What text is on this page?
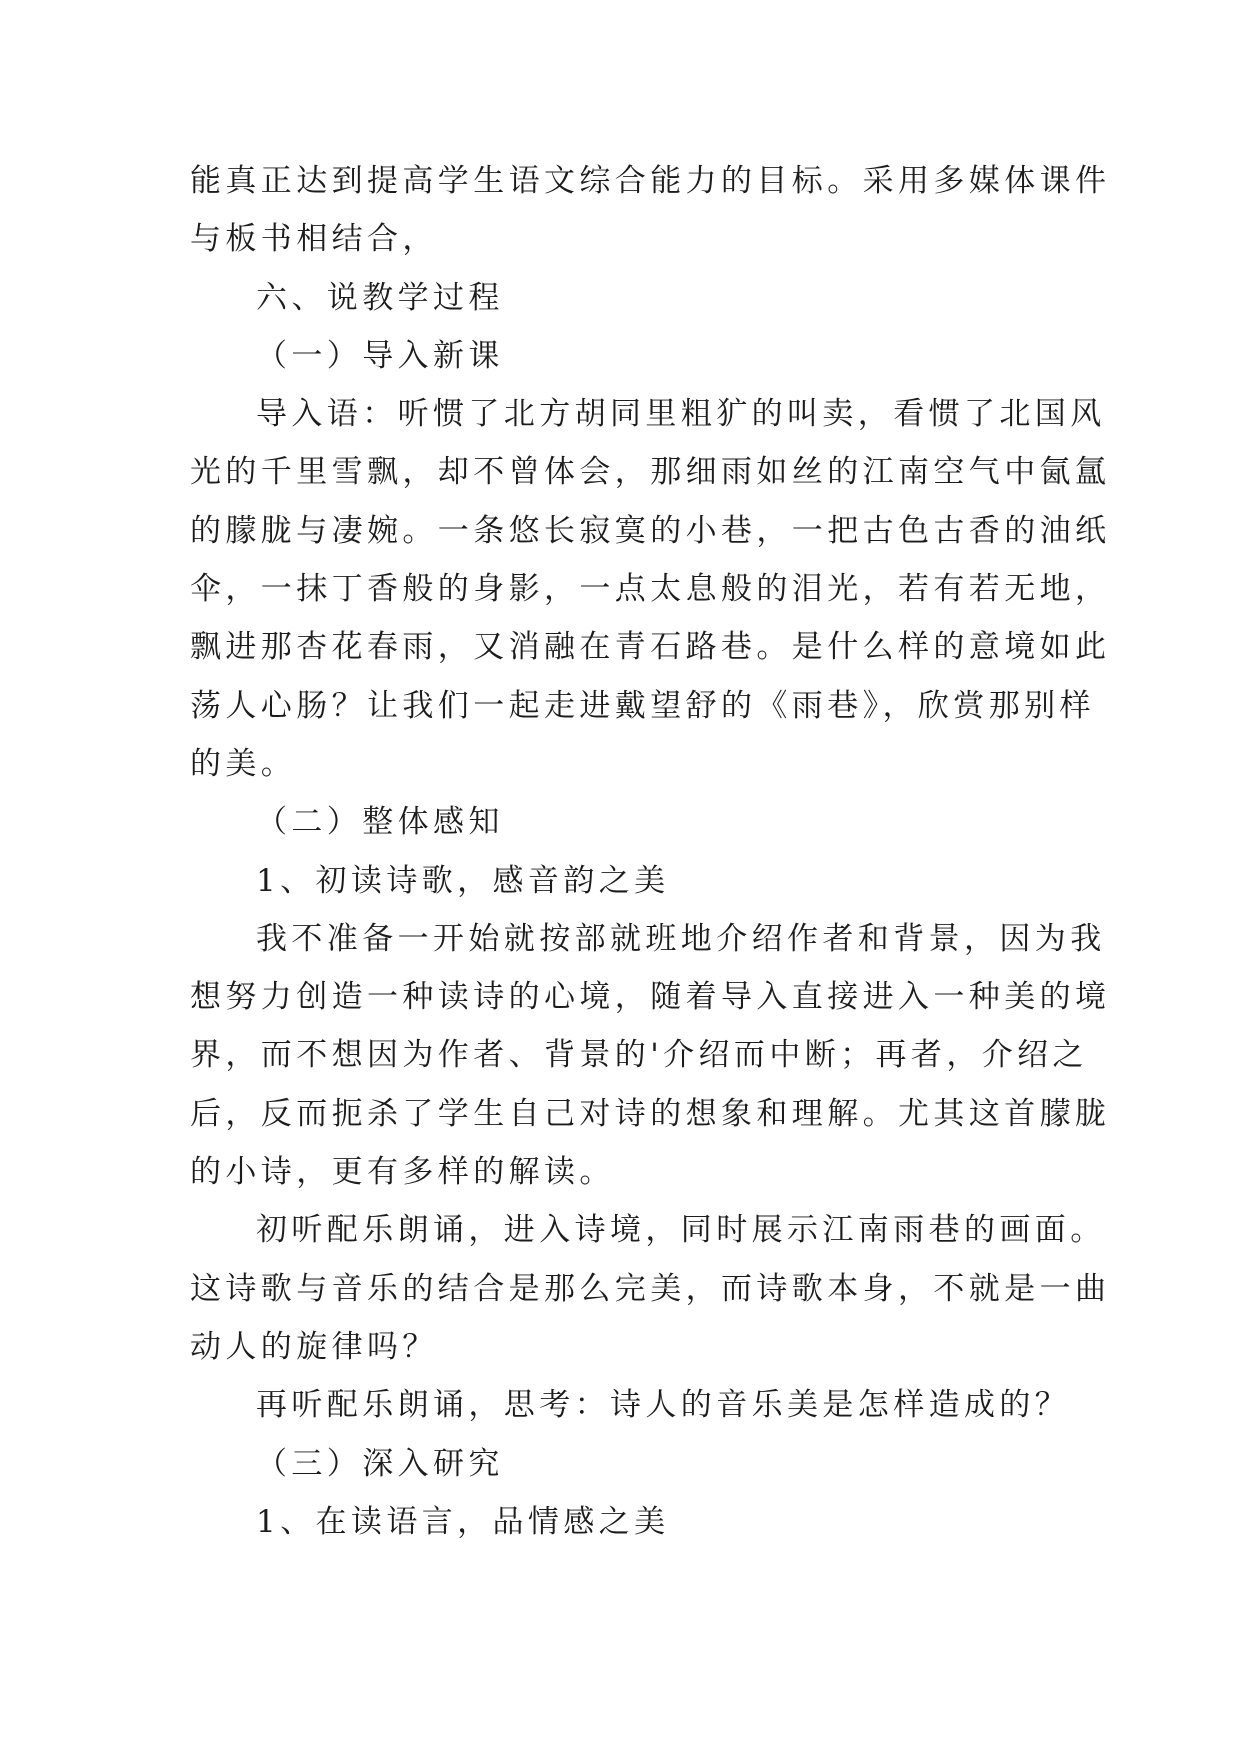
能真正达到提高学生语文综合能力的目标。采用多媒体课件
与板书相结合，
六、说教学过程
（一）导入新课
导入语：听惯了北方胡同里粗犷的叫卖，看惯了北国风
光的千里雪飘，却不曾体会，那细雨如丝的江南空气中氤氲
的朦胧与凄婉。一条悠长寂寞的小巷，一把古色古香的油纸
伞，一抹丁香般的身影，一点太息般的泪光，若有若无地，
飘进那杏花春雨，又消融在青石路巷。是什么样的意境如此
荡人心肠？让我们一起走进戴望舒的《雨巷》，欣赏那别样
的美。
（二）整体感知
1、初读诗歌，感音韵之美
我不准备一开始就按部就班地介绍作者和背景，因为我
想努力创造一种读诗的心境，随着导入直接进入一种美的境
界，而不想因为作者、背景的'介绍而中断；再者，介绍之
后，反而扼杀了学生自己对诗的想象和理解。尤其这首朦胧
的小诗，更有多样的解读。
初听配乐朗诵，进入诗境，同时展示江南雨巷的画面。
这诗歌与音乐的结合是那么完美，而诗歌本身，不就是一曲
动人的旋律吗？
再听配乐朗诵，思考：诗人的音乐美是怎样造成的？
（三）深入研究
1、在读语言，品情感之美
